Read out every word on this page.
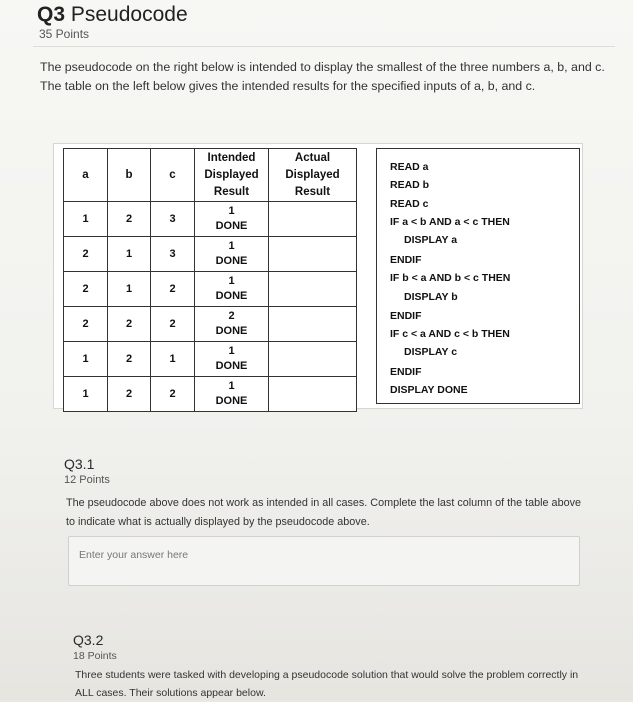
Q3 Pseudocode
35 Points
The pseudocode on the right below is intended to display the smallest of the three numbers a, b, and c. The table on the left below gives the intended results for the specified inputs of a, b, and c.
a	b	c	Intended
Displayed
Result	Actual
Displayed
Result
1	2	3	1
DONE	
2	1	3	1
DONE	
2	1	2	1
DONE	
2	2	2	2
DONE	
1	2	1	1
DONE	
1	2	2	1
DONE	
READ a
READ b
READ c
IF a < b AND a < c THEN
DISPLAY a
ENDIF
IF b < a AND b < c THEN
DISPLAY b
ENDIF
IF c < a AND c < b THEN
DISPLAY c
ENDIF
DISPLAY DONE
Q3.1
12 Points
The pseudocode above does not work as intended in all cases. Complete the last column of the table above to indicate what is actually displayed by the pseudocode above.
Enter your answer here
Q3.2
18 Points
Three students were tasked with developing a pseudocode solution that would solve the problem correctly in ALL cases. Their solutions appear below.
